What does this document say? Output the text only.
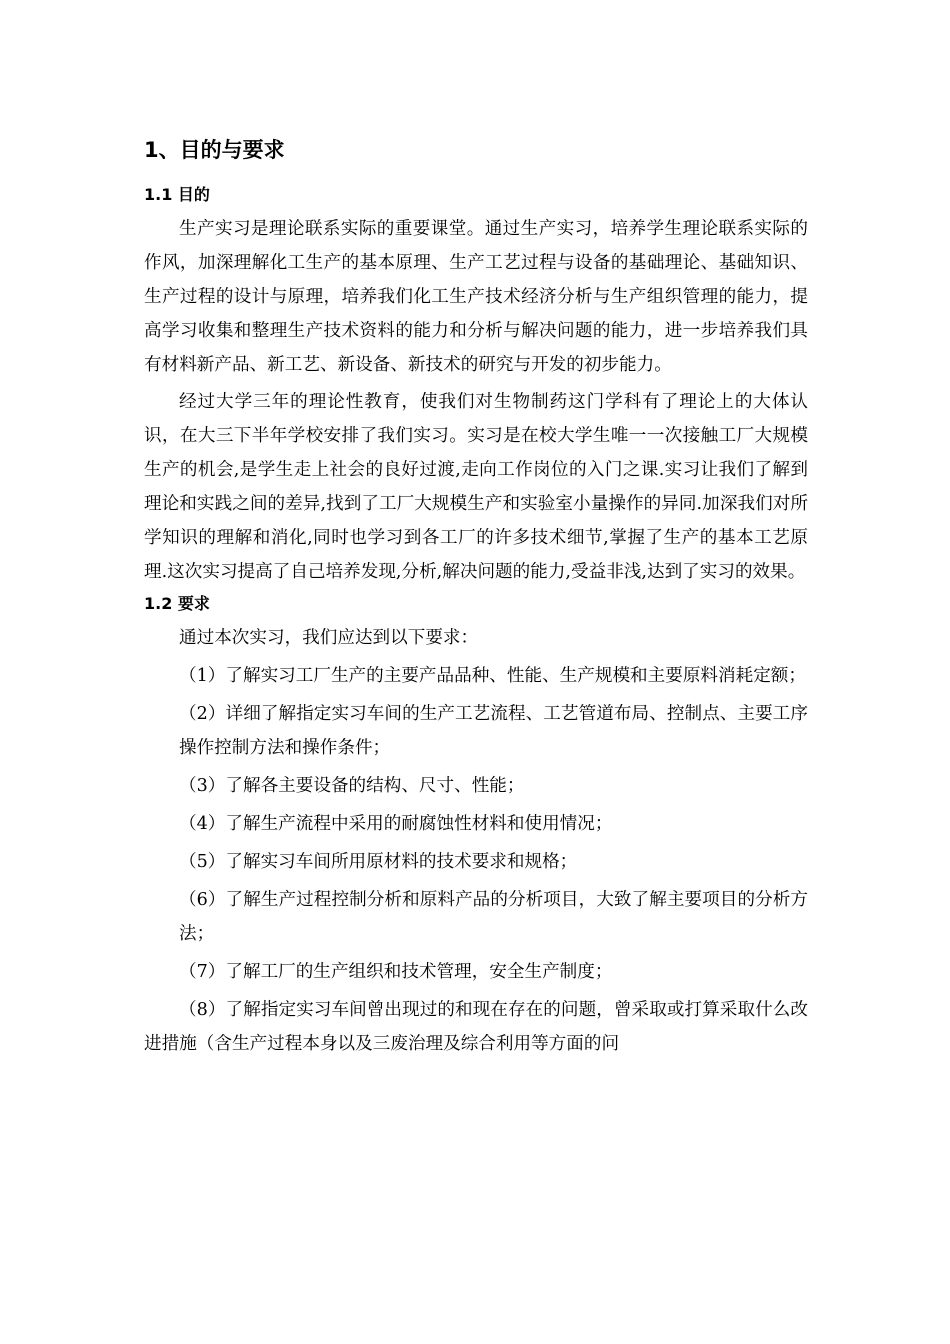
1、目的与要求
1.1 目的

生产实习是理论联系实际的重要课堂。通过生产实习，培养学生理论联系实际的作风，加深理解化工生产的基本原理、生产工艺过程与设备的基础理论、基础知识、生产过程的设计与原理，培养我们化工生产技术经济分析与生产组织管理的能力，提高学习收集和整理生产技术资料的能力和分析与解决问题的能力，进一步培养我们具有材料新产品、新工艺、新设备、新技术的研究与开发的初步能力。

经过大学三年的理论性教育，使我们对生物制药这门学科有了理论上的大体认识，在大三下半年学校安排了我们实习。实习是在校大学生唯一一次接触工厂大规模生产的机会,是学生走上社会的良好过渡,走向工作岗位的入门之课.实习让我们了解到理论和实践之间的差异,找到了工厂大规模生产和实验室小量操作的异同.加深我们对所学知识的理解和消化,同时也学习到各工厂的许多技术细节,掌握了生产的基本工艺原理.这次实习提高了自己培养发现,分析,解决问题的能力,受益非浅,达到了实习的效果。

1.2 要求

通过本次实习，我们应达到以下要求：

（1）了解实习工厂生产的主要产品品种、性能、生产规模和主要原料消耗定额；

（2）详细了解指定实习车间的生产工艺流程、工艺管道布局、控制点、主要工序操作控制方法和操作条件；

（3）了解各主要设备的结构、尺寸、性能；

（4）了解生产流程中采用的耐腐蚀性材料和使用情况；

（5）了解实习车间所用原材料的技术要求和规格；

（6）了解生产过程控制分析和原料产品的分析项目，大致了解主要项目的分析方法；

（7）了解工厂的生产组织和技术管理，安全生产制度；

（8）了解指定实习车间曾出现过的和现在存在的问题，曾采取或打算采取什么改进措施（含生产过程本身以及三废治理及综合利用等方面的问
